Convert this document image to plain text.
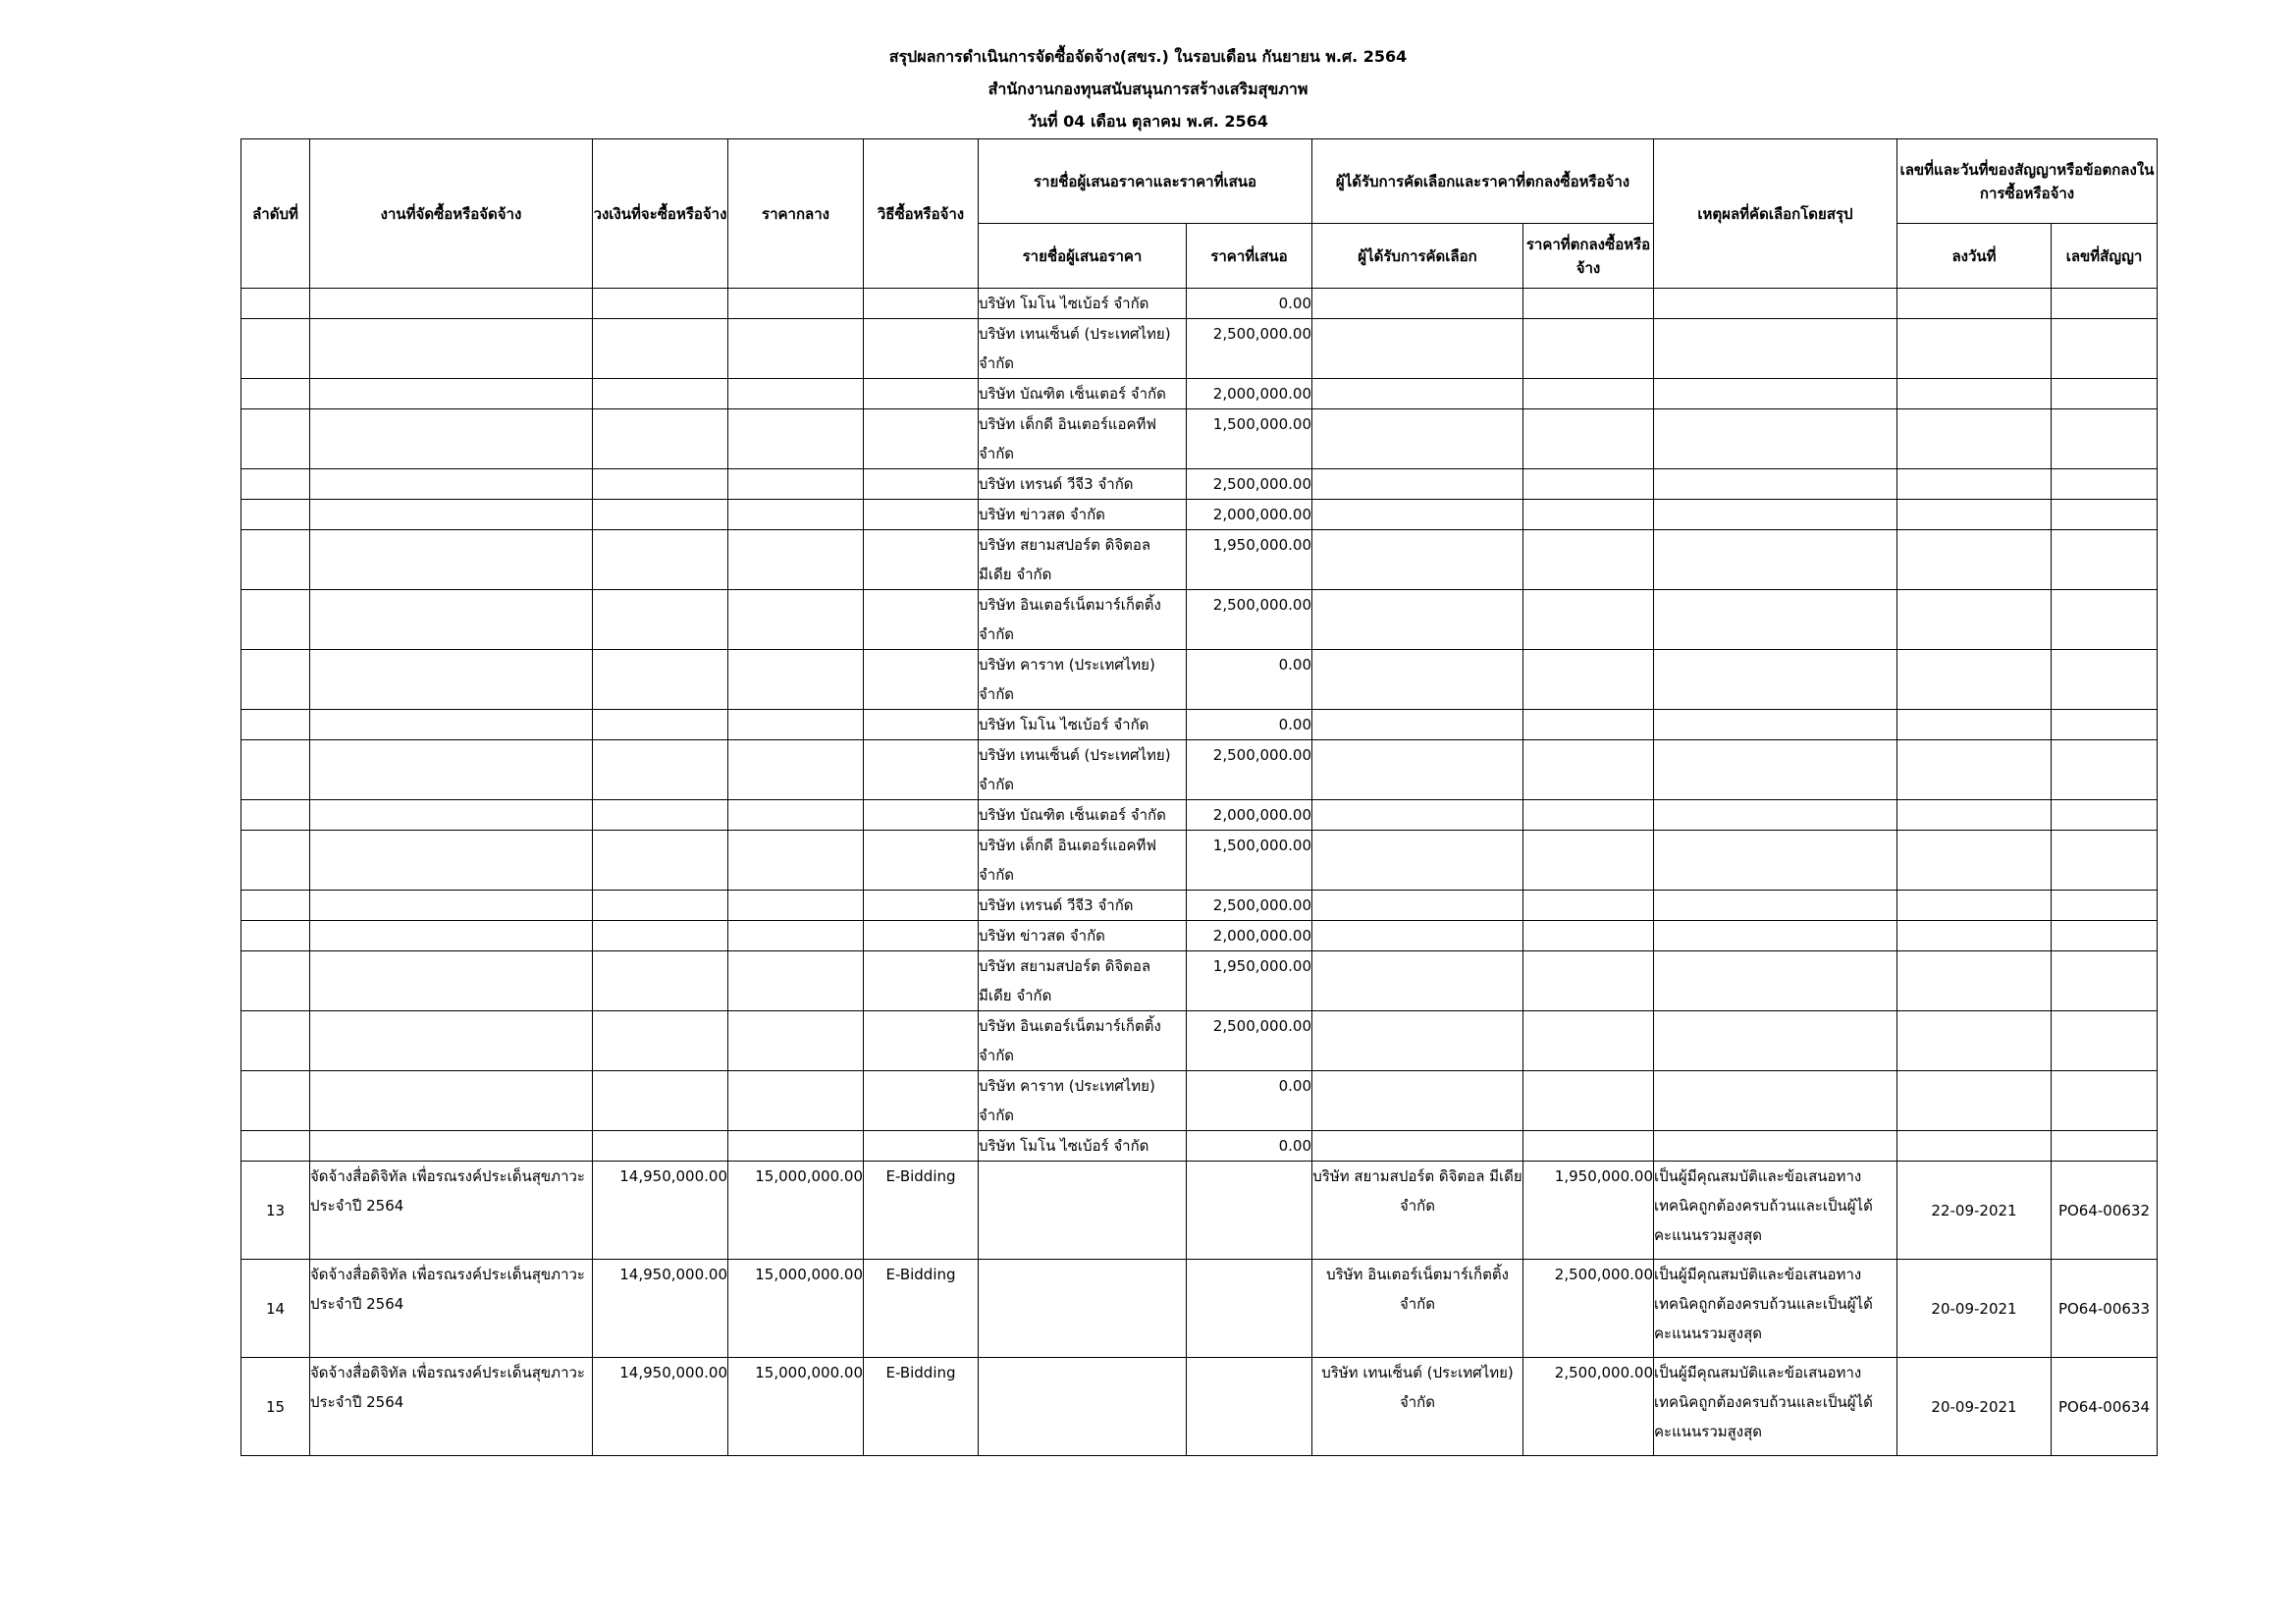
สรุปผลการดำเนินการจัดซื้อจัดจ้าง(สขร.) ในรอบเดือน กันยายน พ.ศ. 2564
สำนักงานกองทุนสนับสนุนการสร้างเสริมสุขภาพ
วันที่ 04 เดือน ตุลาคม พ.ศ. 2564
ลำดับที่	งานที่จัดซื้อหรือจัดจ้าง	วงเงินที่จะซื้อหรือจ้าง	ราคากลาง	วิธีซื้อหรือจ้าง	รายชื่อผู้เสนอราคาและราคาที่เสนอ		ผู้ได้รับการคัดเลือกและราคาที่ตกลงซื้อหรือจ้าง		เหตุผลที่คัดเลือกโดยสรุป	เลขที่และวันที่ของสัญญาหรือข้อตกลงในการซื้อหรือจ้าง	
					รายชื่อผู้เสนอราคา	ราคาที่เสนอ	ผู้ได้รับการคัดเลือก	ราคาที่ตกลงซื้อหรือจ้าง		ลงวันที่	เลขที่สัญญา
					บริษัท โมโน ไซเบ้อร์ จำกัด	0.00					
					บริษัท เทนเซ็นต์ (ประเทศไทย) จำกัด	2,500,000.00					
					บริษัท บัณฑิต เซ็นเตอร์ จำกัด	2,000,000.00					
					บริษัท เด็กดี อินเตอร์แอคทีฟ จำกัด	1,500,000.00					
					บริษัท เทรนด์ วีจี3 จำกัด	2,500,000.00					
					บริษัท ข่าวสด จำกัด	2,000,000.00					
					บริษัท สยามสปอร์ต ดิจิตอล มีเดีย จำกัด	1,950,000.00					
					บริษัท อินเตอร์เน็ตมาร์เก็ตติ้ง จำกัด	2,500,000.00					
					บริษัท คาราท (ประเทศไทย) จำกัด	0.00					
					บริษัท โมโน ไซเบ้อร์ จำกัด	0.00					
					บริษัท เทนเซ็นต์ (ประเทศไทย) จำกัด	2,500,000.00					
					บริษัท บัณฑิต เซ็นเตอร์ จำกัด	2,000,000.00					
					บริษัท เด็กดี อินเตอร์แอคทีฟ จำกัด	1,500,000.00					
					บริษัท เทรนด์ วีจี3 จำกัด	2,500,000.00					
					บริษัท ข่าวสด จำกัด	2,000,000.00					
					บริษัท สยามสปอร์ต ดิจิตอล มีเดีย จำกัด	1,950,000.00					
					บริษัท อินเตอร์เน็ตมาร์เก็ตติ้ง จำกัด	2,500,000.00					
					บริษัท คาราท (ประเทศไทย) จำกัด	0.00					
					บริษัท โมโน ไซเบ้อร์ จำกัด	0.00					
13	จัดจ้างสื่อดิจิทัล เพื่อรณรงค์ประเด็นสุขภาวะ ประจำปี 2564	14,950,000.00	15,000,000.00	E-Bidding			บริษัท สยามสปอร์ต ดิจิตอล มีเดีย จำกัด	1,950,000.00	เป็นผู้มีคุณสมบัติและข้อเสนอทางเทคนิคถูกต้องครบถ้วนและเป็นผู้ได้คะแนนรวมสูงสุด	22-09-2021	PO64-00632
14	จัดจ้างสื่อดิจิทัล เพื่อรณรงค์ประเด็นสุขภาวะ ประจำปี 2564	14,950,000.00	15,000,000.00	E-Bidding			บริษัท อินเตอร์เน็ตมาร์เก็ตติ้ง จำกัด	2,500,000.00	เป็นผู้มีคุณสมบัติและข้อเสนอทางเทคนิคถูกต้องครบถ้วนและเป็นผู้ได้คะแนนรวมสูงสุด	20-09-2021	PO64-00633
15	จัดจ้างสื่อดิจิทัล เพื่อรณรงค์ประเด็นสุขภาวะ ประจำปี 2564	14,950,000.00	15,000,000.00	E-Bidding			บริษัท เทนเซ็นต์ (ประเทศไทย) จำกัด	2,500,000.00	เป็นผู้มีคุณสมบัติและข้อเสนอทางเทคนิคถูกต้องครบถ้วนและเป็นผู้ได้คะแนนรวมสูงสุด	20-09-2021	PO64-00634
